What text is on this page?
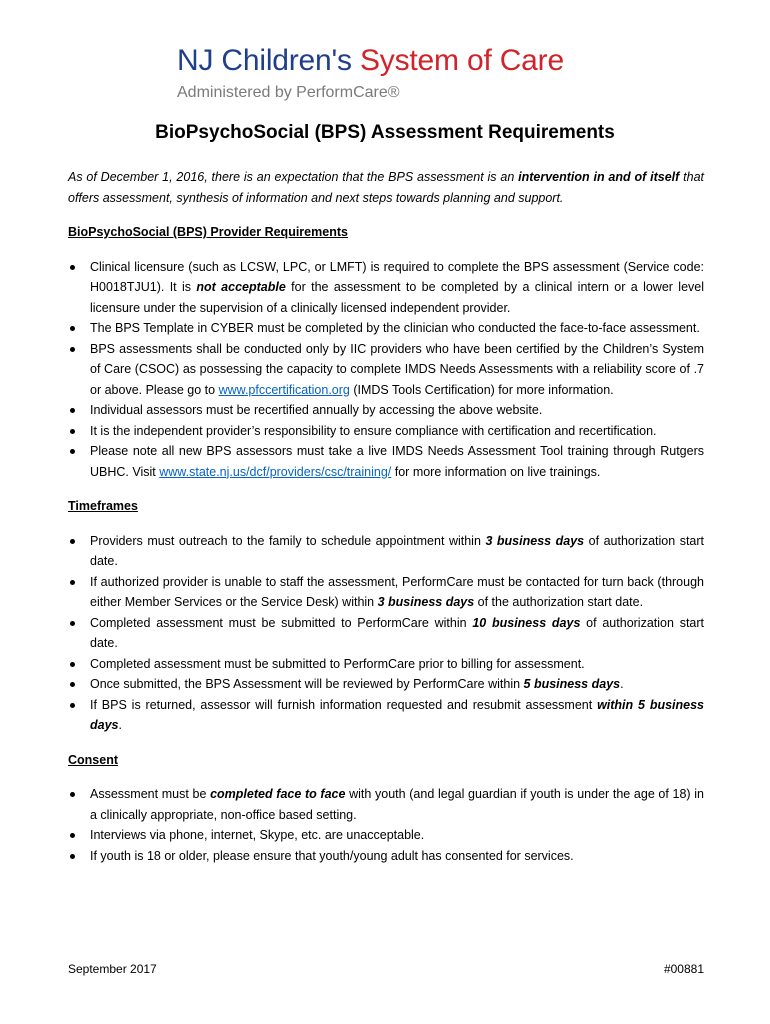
NJ Children's System of Care
Administered by PerformCare®
BioPsychoSocial (BPS) Assessment Requirements

As of December 1, 2016, there is an expectation that the BPS assessment is an intervention in and of itself that offers assessment, synthesis of information and next steps towards planning and support.

BioPsychoSocial (BPS) Provider Requirements
Clinical licensure (such as LCSW, LPC, or LMFT) is required to complete the BPS assessment (Service code: H0018TJU1). It is not acceptable for the assessment to be completed by a clinical intern or a lower level licensure under the supervision of a clinically licensed independent provider.
The BPS Template in CYBER must be completed by the clinician who conducted the face-to-face assessment.
BPS assessments shall be conducted only by IIC providers who have been certified by the Children’s System of Care (CSOC) as possessing the capacity to complete IMDS Needs Assessments with a reliability score of .7 or above. Please go to www.pfccertification.org (IMDS Tools Certification) for more information.
Individual assessors must be recertified annually by accessing the above website.
It is the independent provider’s responsibility to ensure compliance with certification and recertification.
Please note all new BPS assessors must take a live IMDS Needs Assessment Tool training through Rutgers UBHC. Visit www.state.nj.us/dcf/providers/csc/training/ for more information on live trainings.
Timeframes
Providers must outreach to the family to schedule appointment within 3 business days of authorization start date.
If authorized provider is unable to staff the assessment, PerformCare must be contacted for turn back (through either Member Services or the Service Desk) within 3 business days of the authorization start date.
Completed assessment must be submitted to PerformCare within 10 business days of authorization start date.
Completed assessment must be submitted to PerformCare prior to billing for assessment.
Once submitted, the BPS Assessment will be reviewed by PerformCare within 5 business days.
If BPS is returned, assessor will furnish information requested and resubmit assessment within 5 business days.
Consent
Assessment must be completed face to face with youth (and legal guardian if youth is under the age of 18) in a clinically appropriate, non-office based setting.
Interviews via phone, internet, Skype, etc. are unacceptable.
If youth is 18 or older, please ensure that youth/young adult has consented for services.
September 2017	#00881
